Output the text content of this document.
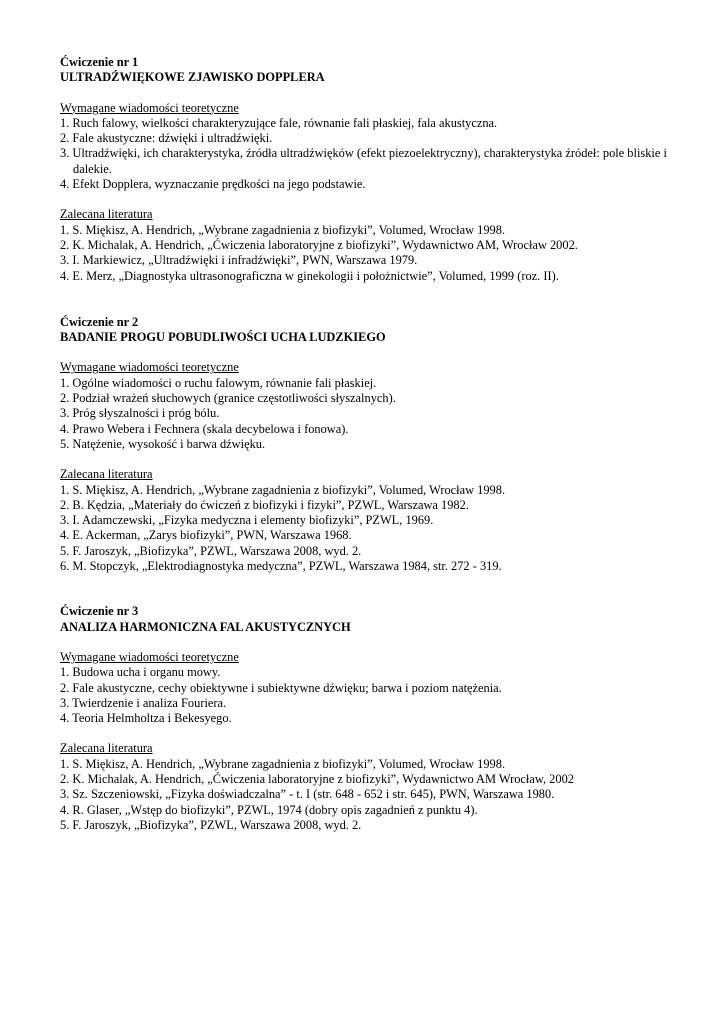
Ćwiczenie nr 1
ULTRADŹWIĘKOWE ZJAWISKO DOPPLERA
Wymagane wiadomości teoretyczne
1. Ruch falowy, wielkości charakteryzujące fale, równanie fali płaskiej, fala akustyczna.
2. Fale akustyczne: dźwięki i ultradźwięki.
3. Ultradźwięki, ich charakterystyka, źródła ultradźwięków (efekt piezoelektryczny), charakterystyka źródeł: pole bliskie i dalekie.
4. Efekt Dopplera, wyznaczanie prędkości na jego podstawie.
Zalecana literatura
1. S. Miękisz, A. Hendrich, „Wybrane zagadnienia z biofizyki”, Volumed, Wrocław 1998.
2. K. Michalak, A. Hendrich, „Ćwiczenia laboratoryjne z biofizyki”, Wydawnictwo AM, Wrocław 2002.
3. I. Markiewicz, „Ultradźwięki i infradźwięki”, PWN, Warszawa 1979.
4. E. Merz, „Diagnostyka ultrasonograficzna w ginekologii i położnictwie”, Volumed, 1999 (roz. II).
Ćwiczenie nr 2
BADANIE PROGU POBUDLIWOŚCI UCHA LUDZKIEGO
Wymagane wiadomości teoretyczne
1. Ogólne wiadomości o ruchu falowym, równanie fali płaskiej.
2. Podział wrażeń słuchowych (granice częstotliwości słyszalnych).
3. Próg słyszalności i próg bólu.
4. Prawo Webera i Fechnera (skala decybelowa i fonowa).
5. Natężenie, wysokość i barwa dźwięku.
Zalecana literatura
1. S. Miękisz, A. Hendrich, „Wybrane zagadnienia z biofizyki”, Volumed, Wrocław 1998.
2. B. Kędzia, „Materiały do ćwiczeń z biofizyki i fizyki”, PZWL, Warszawa 1982.
3. I. Adamczewski, „Fizyka medyczna i elementy biofizyki”, PZWL, 1969.
4. E. Ackerman, „Zarys biofizyki”, PWN, Warszawa 1968.
5. F. Jaroszyk, „Biofizyka”, PZWL, Warszawa 2008, wyd. 2.
6. M. Stopczyk, „Elektrodiagnostyka medyczna”, PZWL, Warszawa 1984, str. 272 - 319.
Ćwiczenie nr 3
ANALIZA HARMONICZNA FAL AKUSTYCZNYCH
Wymagane wiadomości teoretyczne
1. Budowa ucha i organu mowy.
2. Fale akustyczne, cechy obiektywne i subiektywne dźwięku; barwa i poziom natężenia.
3. Twierdzenie i analiza Fouriera.
4. Teoria Helmholtza i Bekesyego.
Zalecana literatura
1. S. Miękisz, A. Hendrich, „Wybrane zagadnienia z biofizyki”, Volumed, Wrocław 1998.
2. K. Michalak, A. Hendrich, „Ćwiczenia laboratoryjne z biofizyki”, Wydawnictwo AM Wrocław, 2002
3. Sz. Szczeniowski, „Fizyka doświadczalna” - t. I (str. 648 - 652 i str. 645), PWN, Warszawa 1980.
4. R. Glaser, „Wstęp do biofizyki”, PZWL, 1974 (dobry opis zagadnień z punktu 4).
5. F. Jaroszyk, „Biofizyka”, PZWL, Warszawa 2008, wyd. 2.
